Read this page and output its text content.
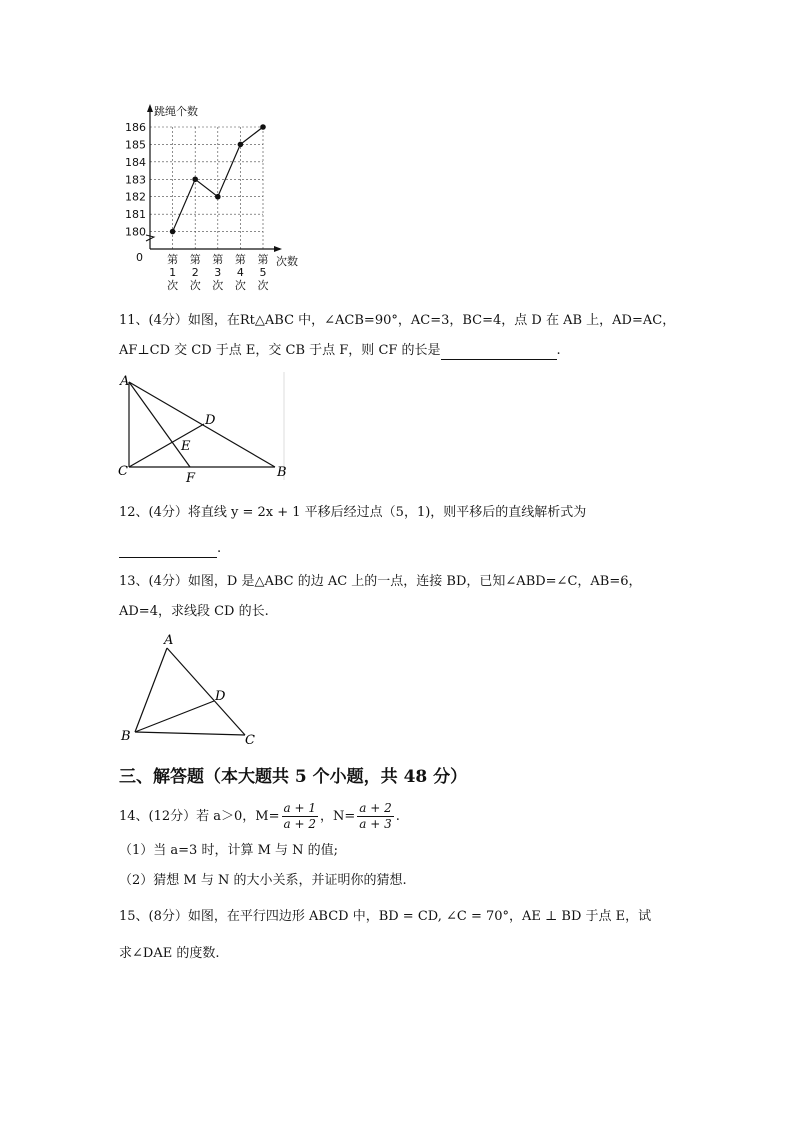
180
181
182
183
184
185
186
第
1
次
第
2
次
第
3
次
第
4
次
第
5
次
跳绳个数
次数
0
11、(4分）如图，在Rt△ABC 中，∠ACB=90°，AC=3，BC=4，点 D 在 AB 上，AD=AC，
AF⊥CD 交 CD 于点 E，交 CB 于点 F，则 CF 的长是	.
A
C	B
D
E
F
12、(4分）将直线 y = 2x + 1 平移后经过点（5，1)，则平移后的直线解析式为
.
13、(4分）如图，D 是△ABC 的边 AC 上的一点，连接 BD，已知∠ABD=∠C，AB=6，
AD=4，求线段 CD 的长.
A
B	C
D
三、解答题（本大题共 5 个小题，共 48 分）
14、(12分）若 a＞0，$M= \frac{a + 1}{a + 2}$ ，$N= \frac{a + 2}{a + 3}$ .
（1）当 a=3 时，计算 M 与 N 的值;
（2）猜想 M 与 N 的大小关系，并证明你的猜想.
15、(8分）如图，在平行四边形 ABCD 中，BD = CD, ∠C = 70°，AE ⊥ BD 于点 E，试
求∠DAE 的度数.
